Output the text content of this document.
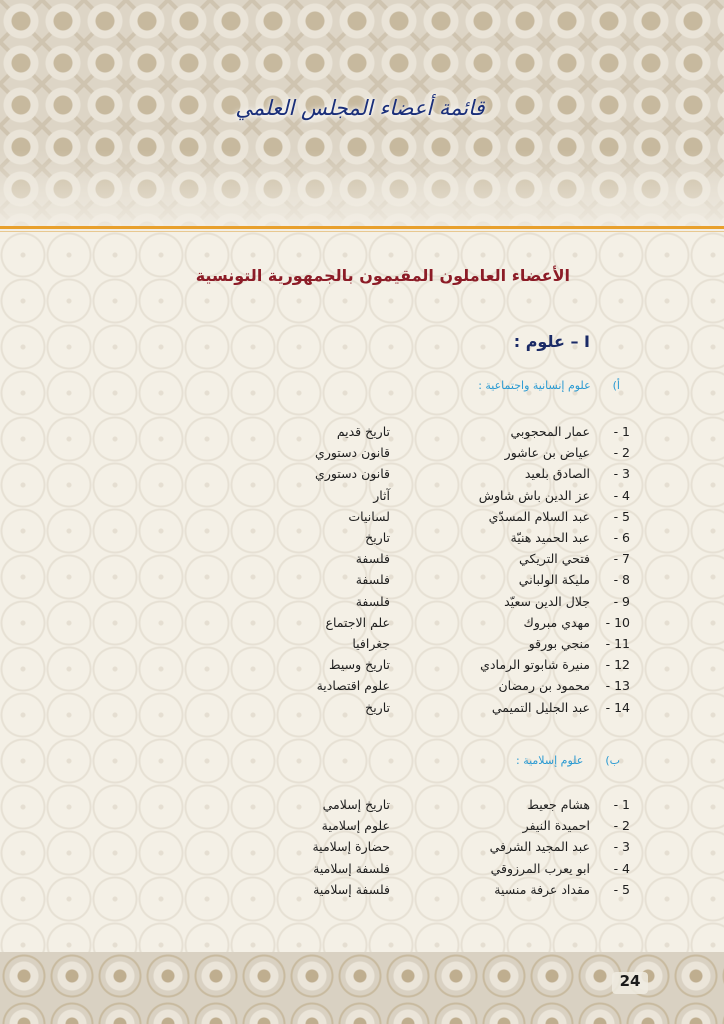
قائمة أعضاء المجلس العلمي
الأعضاء العاملون المقيمون بالجمهورية التونسية
I – علوم :
أ)علوم إنسانية واجتماعية :
1 -
عمار المحجوبي
تاريخ قديم
2 -
عياض بن عاشور
قانون دستوري
3 -
الصادق بلعيد
قانون دستوري
4 -
عز الدين باش شاوش
آثار
5 -
عبد السلام المسدّي
لسانيات
6 -
عبد الحميد هنيّة
تاريخ
7 -
فتحي التريكي
فلسفة
8 -
مليكة الولباني
فلسفة
9 -
جلال الدين سعيّد
فلسفة
10 -
مهدي مبروك
علم الاجتماع
11 -
منجي بورقو
جغرافيا
12 -
منيرة شابوتو الرمادي
تاريخ وسيط
13 -
محمود بن رمضان
علوم اقتصادية
14 -
عبد الجليل التميمي
تاريخ
ب)علوم إسلامية :
1 -
هشام جعيط
تاريخ إسلامي
2 -
احميدة النيفر
علوم إسلامية
3 -
عبد المجيد الشرفي
حضارة إسلامية
4 -
ابو يعرب المرزوقي
فلسفة إسلامية
5 -
مقداد عرفة منسية
فلسفة إسلامية
24
